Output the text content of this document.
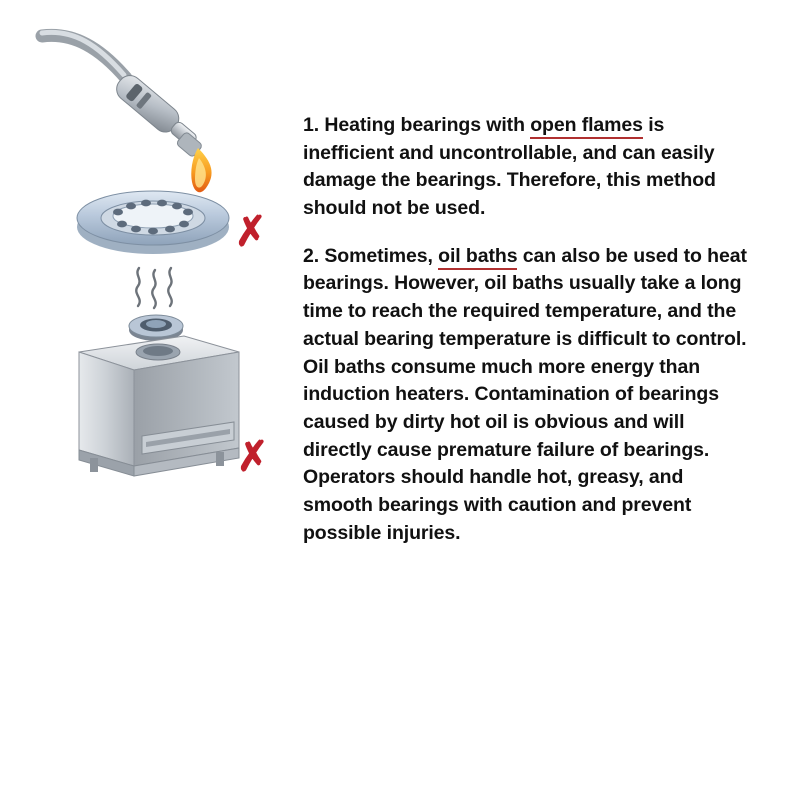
✗
✗

1. Heating bearings with open flames is inefficient and uncontrollable, and can easily damage the bearings. Therefore, this method should not be used.

2. Sometimes, oil baths can also be used to heat bearings. However, oil baths usually take a long time to reach the required temperature, and the actual bearing temperature is difficult to control. Oil baths consume much more energy than induction heaters. Contamination of bearings caused by dirty hot oil is obvious and will directly cause premature failure of bearings. Operators should handle hot, greasy, and smooth bearings with caution and prevent possible injuries.
